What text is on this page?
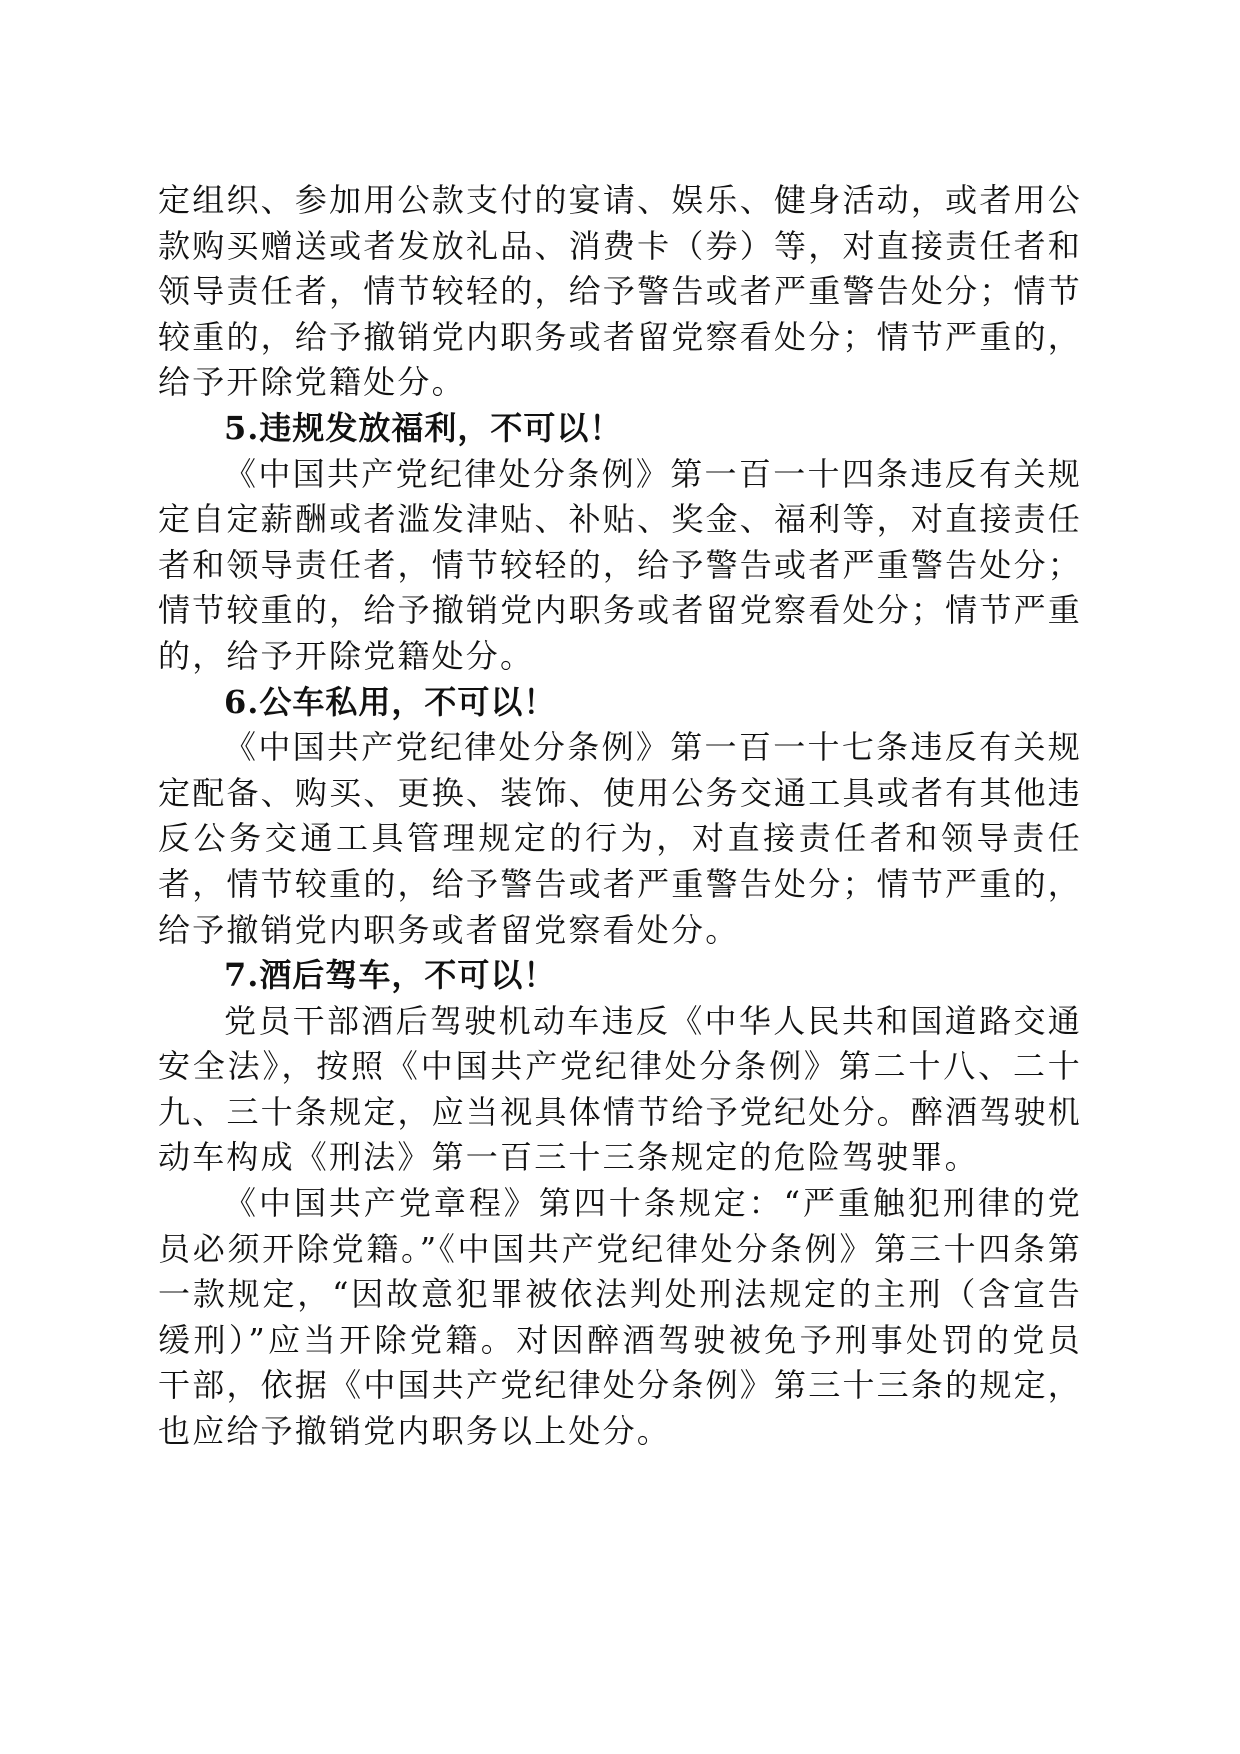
定组织、参加用公款支付的宴请、娱乐、健身活动，或者用公款购买赠送或者发放礼品、消费卡（券）等，对直接责任者和领导责任者，情节较轻的，给予警告或者严重警告处分；情节较重的，给予撤销党内职务或者留党察看处分；情节严重的，给予开除党籍处分。

5.违规发放福利，不可以！

《中国共产党纪律处分条例》第一百一十四条违反有关规定自定薪酬或者滥发津贴、补贴、奖金、福利等，对直接责任者和领导责任者，情节较轻的，给予警告或者严重警告处分；情节较重的，给予撤销党内职务或者留党察看处分；情节严重的，给予开除党籍处分。

6.公车私用，不可以！

《中国共产党纪律处分条例》第一百一十七条违反有关规定配备、购买、更换、装饰、使用公务交通工具或者有其他违反公务交通工具管理规定的行为，对直接责任者和领导责任者，情节较重的，给予警告或者严重警告处分；情节严重的，给予撤销党内职务或者留党察看处分。

7.酒后驾车，不可以！

党员干部酒后驾驶机动车违反《中华人民共和国道路交通安全法》，按照《中国共产党纪律处分条例》第二十八、二十九、三十条规定，应当视具体情节给予党纪处分。醉酒驾驶机动车构成《刑法》第一百三十三条规定的危险驾驶罪。

《中国共产党章程》第四十条规定：“严重触犯刑律的党员必须开除党籍。”《中国共产党纪律处分条例》第三十四条第一款规定，“因故意犯罪被依法判处刑法规定的主刑（含宣告缓刑）”应当开除党籍。对因醉酒驾驶被免予刑事处罚的党员干部，依据《中国共产党纪律处分条例》第三十三条的规定，也应给予撤销党内职务以上处分。
